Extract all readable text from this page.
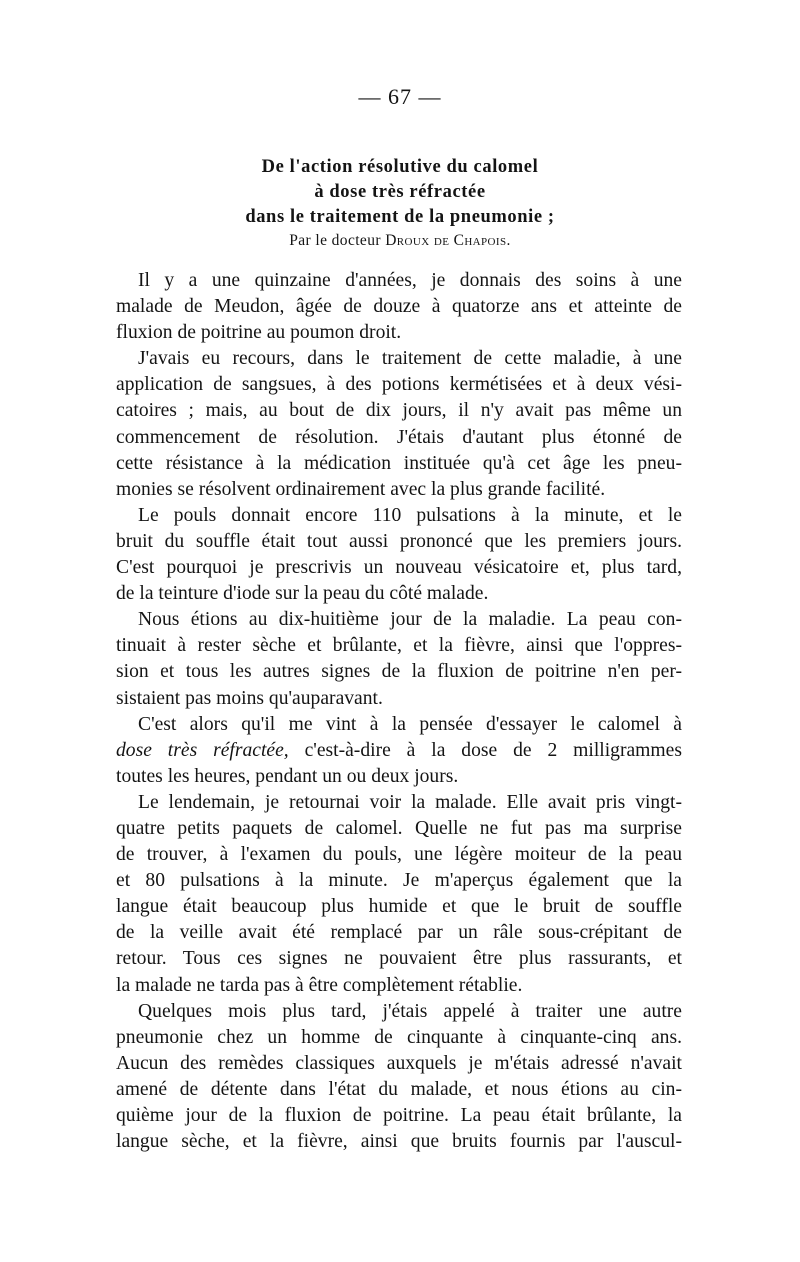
— 67 —
De l'action résolutive du calomel
à dose très réfractée
dans le traitement de la pneumonie ;
Par le docteur Droux de Chapois.
Il y a une quinzaine d'années, je donnais des soins à une
malade de Meudon, âgée de douze à quatorze ans et atteinte de
fluxion de poitrine au poumon droit.
J'avais eu recours, dans le traitement de cette maladie, à une
application de sangsues, à des potions kermétisées et à deux vési-
catoires ; mais, au bout de dix jours, il n'y avait pas même un
commencement de résolution. J'étais d'autant plus étonné de
cette résistance à la médication instituée qu'à cet âge les pneu-
monies se résolvent ordinairement avec la plus grande facilité.
Le pouls donnait encore 110 pulsations à la minute, et le
bruit du souffle était tout aussi prononcé que les premiers jours.
C'est pourquoi je prescrivis un nouveau vésicatoire et, plus tard,
de la teinture d'iode sur la peau du côté malade.
Nous étions au dix-huitième jour de la maladie. La peau con-
tinuait à rester sèche et brûlante, et la fièvre, ainsi que l'oppres-
sion et tous les autres signes de la fluxion de poitrine n'en per-
sistaient pas moins qu'auparavant.
C'est alors qu'il me vint à la pensée d'essayer le calomel à
dose très réfractée, c'est-à-dire à la dose de 2 milligrammes
toutes les heures, pendant un ou deux jours.
Le lendemain, je retournai voir la malade. Elle avait pris vingt-
quatre petits paquets de calomel. Quelle ne fut pas ma surprise
de trouver, à l'examen du pouls, une légère moiteur de la peau
et 80 pulsations à la minute. Je m'aperçus également que la
langue était beaucoup plus humide et que le bruit de souffle
de la veille avait été remplacé par un râle sous-crépitant de
retour. Tous ces signes ne pouvaient être plus rassurants, et
la malade ne tarda pas à être complètement rétablie.
Quelques mois plus tard, j'étais appelé à traiter une autre
pneumonie chez un homme de cinquante à cinquante-cinq ans.
Aucun des remèdes classiques auxquels je m'étais adressé n'avait
amené de détente dans l'état du malade, et nous étions au cin-
quième jour de la fluxion de poitrine. La peau était brûlante, la
langue sèche, et la fièvre, ainsi que bruits fournis par l'auscul-
